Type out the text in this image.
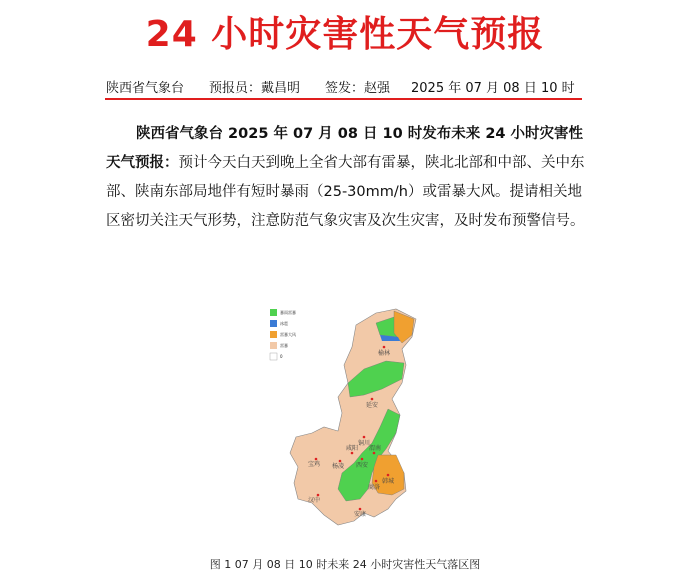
24 小时灾害性天气预报
陕西省气象台 预报员：戴昌明 签发：赵强 2025 年 07 月 08 日 10 时

陕西省气象台 2025 年 07 月 08 日 10 时发布未来 24 小时灾害性天气预报：预计今天白天到晚上全省大部有雷暴，陕北北部和中部、关中东部、陕南东部局地伴有短时暴雨（25-30mm/h）或雷暴大风。提请相关地区密切关注天气形势，注意防范气象灾害及次生灾害，及时发布预警信号。

暴雨雷暴
冰雹
雷暴大风
雷暴
0	榆林
延安
铜川
宝鸡 杨凌
咸阳
西安
渭南
韩城
商洛
汉中
安康
图 1 07 月 08 日 10 时未来 24 小时灾害性天气落区图
